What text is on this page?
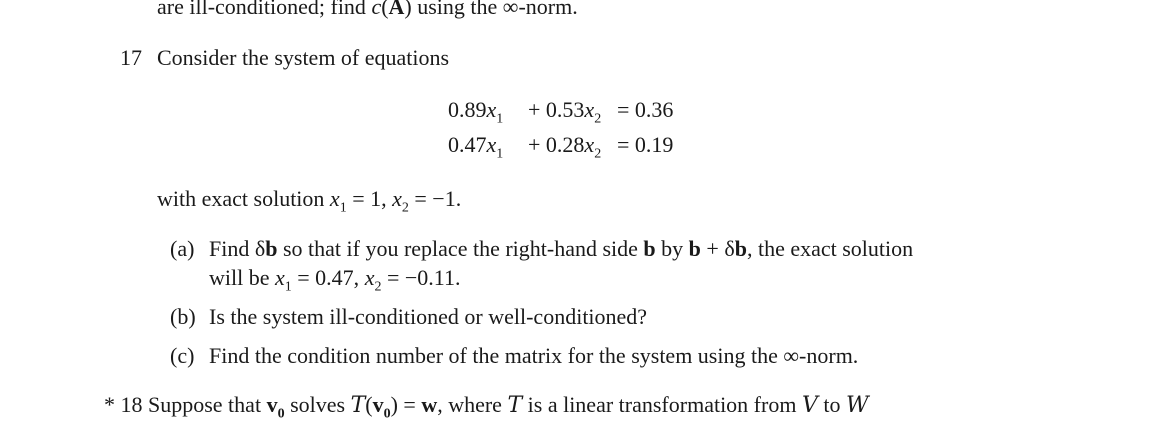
are ill-conditioned; find c(A) using the ∞-norm.
17 Consider the system of equations
$0.89x_1 + 0.53x_2 = 0.36$
$0.47x_1 + 0.28x_2 = 0.19$
with exact solution $x_1 = 1$, $x_2 = -1$.
(a) Find δb so that if you replace the right-hand side b by b + δb, the exact solution
will be $x_1 = 0.47$, $x_2 = -0.11$.
(b) Is the system ill-conditioned or well-conditioned?
(c) Find the condition number of the matrix for the system using the ∞-norm.
* 18 Suppose that $v_0$ solves $T(v_0) = w$, where T is a linear transformation from V to W
